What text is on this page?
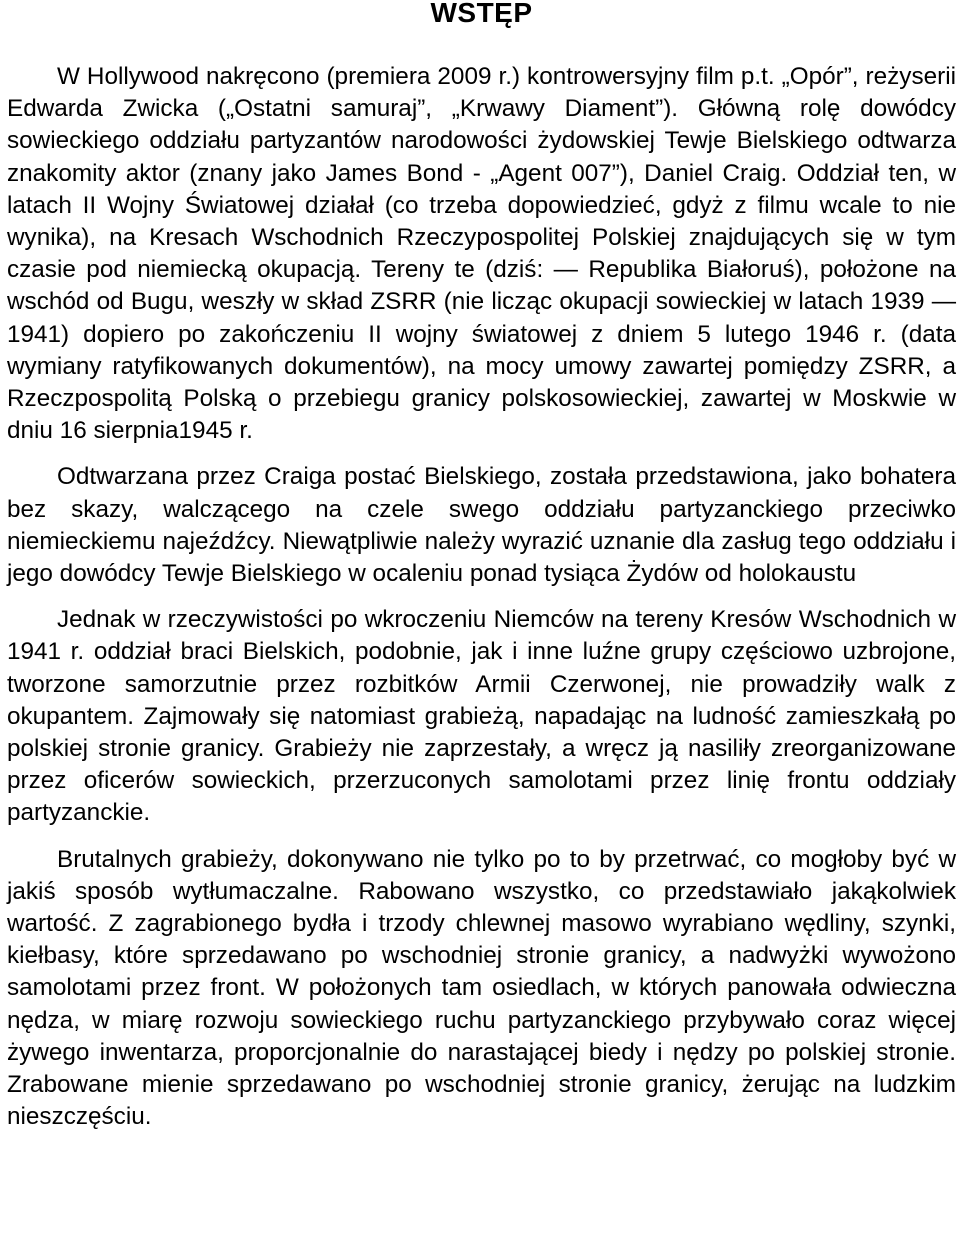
WSTĘP

W Hollywood nakręcono (premiera 2009 r.) kontrowersyjny film p.t. „Opór”, reżyserii Edwarda Zwicka („Ostatni samuraj”, „Krwawy Diament”). Główną rolę dowódcy sowieckiego oddziału partyzantów narodowości żydowskiej Tewje Bielskiego odtwarza znakomity aktor (znany jako James Bond - „Agent 007”), Daniel Craig. Oddział ten, w latach II Wojny Światowej działał (co trzeba dopowiedzieć, gdyż z filmu wcale to nie wynika), na Kresach Wschodnich Rzeczypospolitej Polskiej znajdujących się w tym czasie pod niemiecką okupacją. Tereny te (dziś: — Republika Białoruś), położone na wschód od Bugu, weszły w skład ZSRR (nie licząc okupacji sowieckiej w latach 1939 — 1941) dopiero po zakończeniu II wojny światowej z dniem 5 lutego 1946 r. (data wymiany ratyfikowanych dokumentów), na mocy umowy zawartej pomiędzy ZSRR, a Rzeczpospolitą Polską o przebiegu granicy polskosowieckiej, zawartej w Moskwie w dniu 16 sierpnia1945 r.

Odtwarzana przez Craiga postać Bielskiego, została przedstawiona, jako bohatera bez skazy, walczącego na czele swego oddziału partyzanckiego przeciwko niemieckiemu najeźdźcy. Niewątpliwie należy wyrazić uznanie dla zasług tego oddziału i jego dowódcy Tewje Bielskiego w ocaleniu ponad tysiąca Żydów od holokaustu

Jednak w rzeczywistości po wkroczeniu Niemców na tereny Kresów Wschodnich w 1941 r. oddział braci Bielskich, podobnie, jak i inne luźne grupy częściowo uzbrojone, tworzone samorzutnie przez rozbitków Armii Czerwonej, nie prowadziły walk z okupantem. Zajmowały się natomiast grabieżą, napadając na ludność zamieszkałą po polskiej stronie granicy. Grabieży nie zaprzestały, a wręcz ją nasiliły zreorganizowane przez oficerów sowieckich, przerzuconych samolotami przez linię frontu oddziały partyzanckie.

Brutalnych grabieży, dokonywano nie tylko po to by przetrwać, co mogłoby być w jakiś sposób wytłumaczalne. Rabowano wszystko, co przedstawiało jakąkolwiek wartość. Z zagrabionego bydła i trzody chlewnej masowo wyrabiano wędliny, szynki, kiełbasy, które sprzedawano po wschodniej stronie granicy, a nadwyżki wywożono samolotami przez front. W położonych tam osiedlach, w których panowała odwieczna nędza, w miarę rozwoju sowieckiego ruchu partyzanckiego przybywało coraz więcej żywego inwentarza, proporcjonalnie do narastającej biedy i nędzy po polskiej stronie. Zrabowane mienie sprzedawano po wschodniej stronie granicy, żerując na ludzkim nieszczęściu.
